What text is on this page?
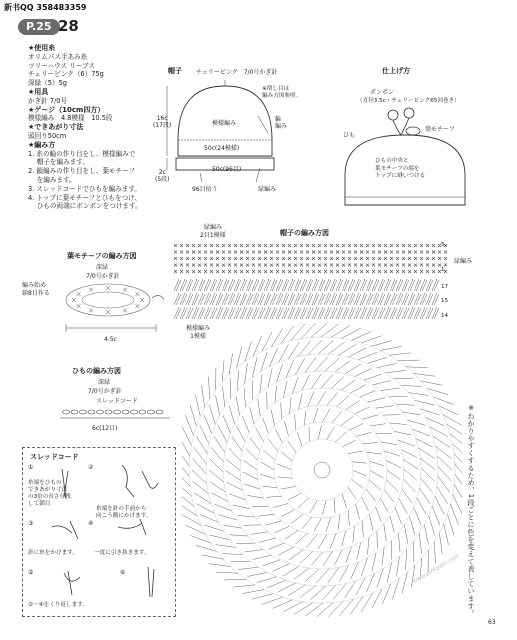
新书QQ 358483359
P.25 28
★使用糸
オリムパス手あみ糸
ツリーハウス リーブス
チェリーピンク（6）75g
深緑（5）5g
★用具
かぎ針 7/0号
★ゲージ（10cm四方）
模様編み　4.8模様　10.5段
★できあがり寸法
頭回り50cm
★編み方
1. 糸の輪の作り目をし、模様編みで
　 帽子を編みます。
2. 鎖編みの作り目をし、葉モチーフ
　 を編みます。
3. スレッドコードでひもを編みます。
4. トップに葉モチーフとひもをつけ、
　 ひもの両端にポンポンをつけます。
帽子 チェリーピンク　7/0号かぎ針
16c
(17段)
※増し目は
編み方図参照。
模様編み
輪
編み
50c(24模様)
2c
(5段)
50c(96目)
96目拾う	緑編み
仕上げ方
ポンポン
（直径3.5c・チェリーピンク65回巻き）
ひも
葉モチーフ
ひもの中央と
葉モチーフの端を
トップに縫いつける
緑編み
2目1模様	帽子の編み方図
5
1
緑編み
17
15
14
模様編み
1模様
※わかりやすくするため、1段ごとに色を変えて表しています。
www.pinkyarn.com
葉モチーフの編み方図
深緑
7/0号かぎ針
編み始め
鎖8目作る
4.5c
ひもの編み方図
深緑
7/0号かぎ針
スレッドコード
6c(12目)
スレッドコード
①	②
糸端をひもの
できあがり寸法
の3倍の長さ分残
して鎖目
糸端を針の手前から
向こう側にかけます。
③	④
針に糸をかけます。	一度に引き抜きます。
⑤	⑥
②～④をくり返します。
63
